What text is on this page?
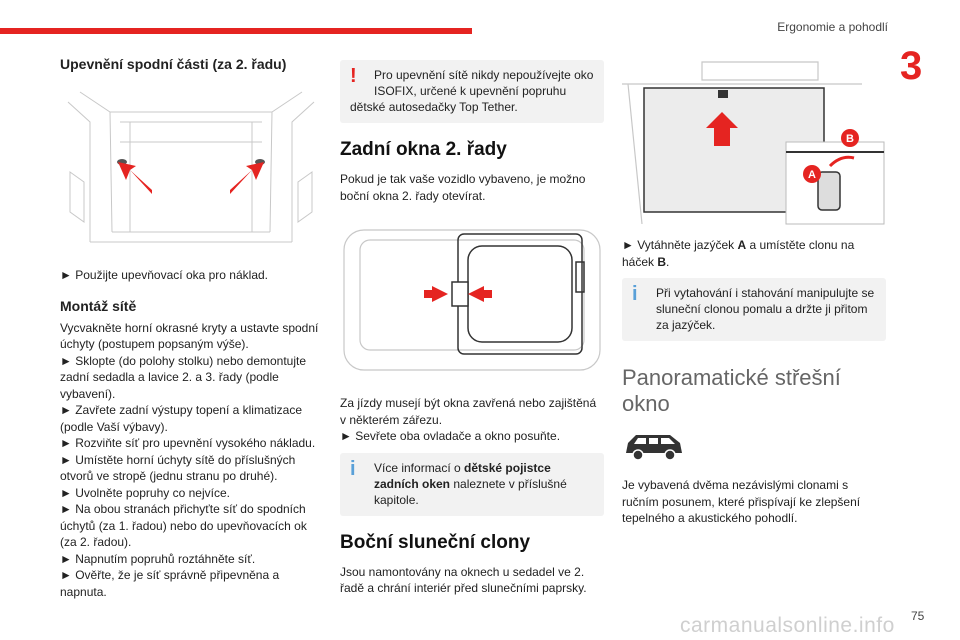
Ergonomie a pohodlí
3
Upevnění spodní části (za 2. řadu)
► Použijte upevňovací oka pro náklad.
Montáž sítě
Vycvakněte horní okrasné kryty a ustavte spodní úchyty (postupem popsaným výše).
► Sklopte (do polohy stolku) nebo demontujte zadní sedadla a lavice 2. a 3. řady (podle vybavení).
► Zavřete zadní výstupy topení a klimatizace (podle Vaší výbavy).
► Rozviňte síť pro upevnění vysokého nákladu.
► Umístěte horní úchyty sítě do příslušných otvorů ve stropě (jednu stranu po druhé).
► Uvolněte popruhy co nejvíce.
► Na obou stranách přichyťte síť do spodních úchytů (za 1. řadou) nebo do upevňovacích ok (za 2. řadou).
► Napnutím popruhů roztáhněte síť.
► Ověřte, že je síť správně připevněna a napnuta.
!	Pro upevnění sítě nikdy nepoužívejte oko
ISOFIX, určené k upevnění popruhu
dětské autosedačky Top Tether.
Zadní okna 2. řady
Pokud je tak vaše vozidlo vybaveno, je možno boční okna 2. řady otevírat.
Za jízdy musejí být okna zavřená nebo zajištěná v některém zářezu.
► Sevřete oba ovladače a okno posuňte.
i	Více informací o dětské pojistce zadních oken naleznete v příslušné kapitole.
Boční sluneční clony
Jsou namontovány na oknech u sedadel ve 2. řadě a chrání interiér před slunečními paprsky.
B
A
► Vytáhněte jazýček A a umístěte clonu na háček B.
i	Při vytahování i stahování manipulujte se sluneční clonou pomalu a držte ji přitom za jazýček.
Panoramatické střešní okno
Je vybavená dvěma nezávislými clonami s ručním posunem, které přispívají ke zlepšení tepelného a akustického pohodlí.
75
carmanualsonline.info
